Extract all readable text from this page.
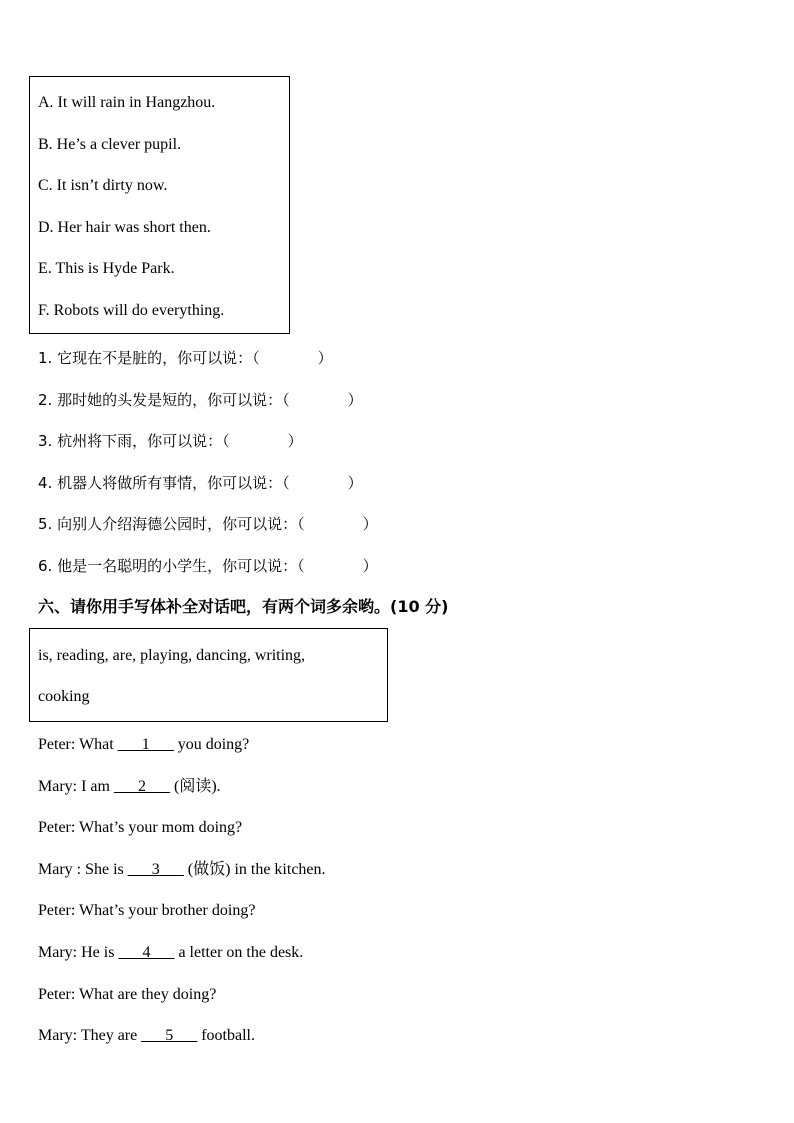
A. It will rain in Hangzhou.
B. He’s a clever pupil.
C. It isn’t dirty now.
D. Her hair was short then.
E. This is Hyde Park.
F. Robots will do everything.
1. 它现在不是脏的，你可以说：（	）
2. 那时她的头发是短的，你可以说：（	）
3. 杭州将下雨，你可以说：（	）
4. 机器人将做所有事情，你可以说：（	）
5. 向别人介绍海德公园时，你可以说：（	）
6. 他是一名聪明的小学生，你可以说：（	）
六、请你用手写体补全对话吧，有两个词多余哟。(10 分)
is, reading, are, playing, dancing, writing,
cooking
Peter: What ___1___ you doing?
Mary: I am ___2___ (阅读).
Peter: What’s your mom doing?
Mary : She is ___3___ (做饭) in the kitchen.
Peter: What’s your brother doing?
Mary: He is ___4___ a letter on the desk.
Peter: What are they doing?
Mary: They are ___5___ football.
